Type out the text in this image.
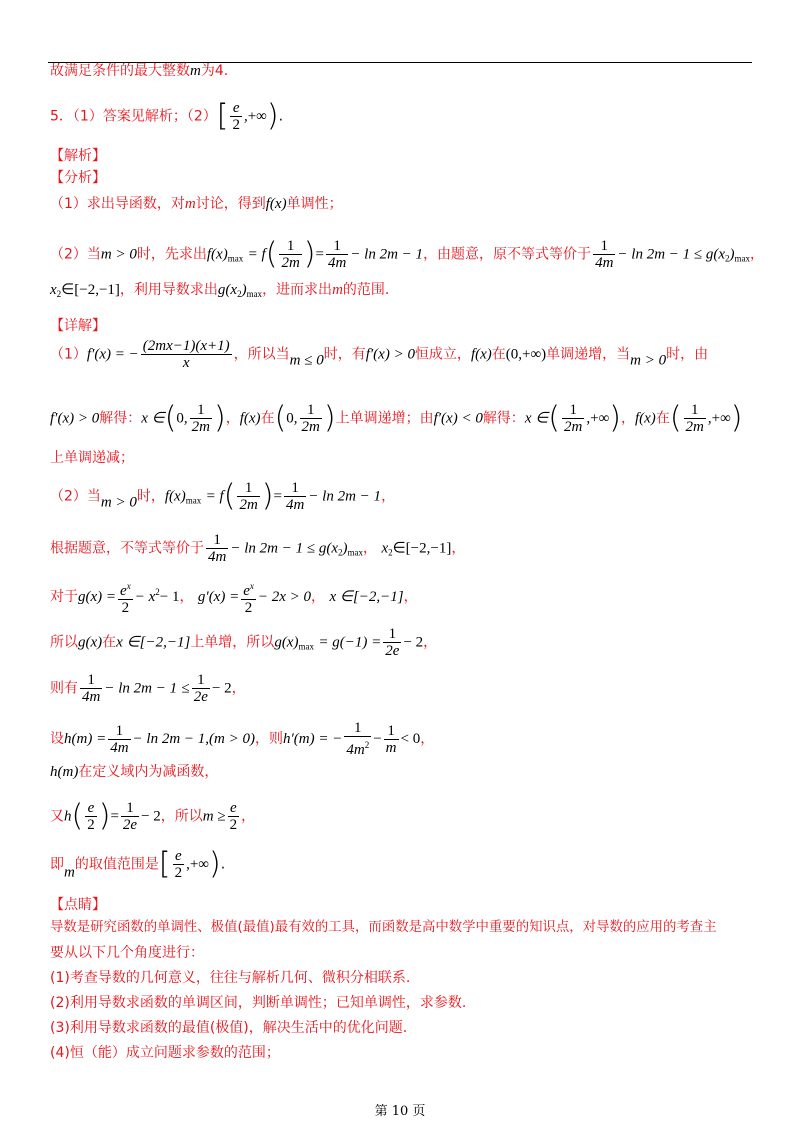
故满足条件的最大整数m为4.
5．（1）答案见解析；$(2)[ \frac{e}{2}$ ,+∞).
【解析】
【分析】
（1）求出导函数，对m讨论，得到f(x)单调性；
（2）当m > 0时，先求出$f(x)_{max} = f( \frac{1}{2m}$ )= $\frac{1}{4m} - \ln 2m - 1$，由题意，原不等式等价于 $\frac{1}{4m} - \ln 2m - 1 \le g(x_2)_{max}$，
$x_2\in[-2,-1]$，利用导数求出$g(x_2)_{max}$，进而求出m的范围.
【详解】
（1）f′(x) = − $\frac{(2mx-1)(x+1)}{x}$ ，所以当m ≤ 0时，有f′(x) > 0恒成立，f(x)在(0,+∞)单调递增，当m > 0时，由
f′(x) > 0解得：x ∈(0, $\frac{1}{2m}$ )，f(x)在(0, $\frac{1}{2m}$ )上单调递增；由f′(x) < 0解得：x ∈( $\frac{1}{2m}$ ,+∞)，f(x)在( $\frac{1}{2m}$ ,+∞)
上单调递减；
（2）当m > 0时，$f(x)_{max} = f( \frac{1}{2m}$ )= $\frac{1}{4m} - \ln 2m - 1$，
根据题意，不等式等价于 $\frac{1}{4m} - \ln 2m - 1 \le g(x_2)_{max}$， $x_2\in[-2,-1]$，
对于$g(x) = \frac{e^x}{2} - x^2- 1$， $g'(x) = \frac{e^x}{2} - 2x > 0$， x ∈[−2,−1]，
所以g(x)在x ∈[−2,−1]上单增，所以$g(x)_{max} = g(-1) = \frac{1}{2e} - 2$，
则有 $\frac{1}{4m} - \ln 2m - 1 \le \frac{1}{2e} - 2$，
设$h(m) = \frac{1}{4m} - \ln 2m - 1,(m > 0)$，则h′(m) = − $\frac{1}{4m^2} - \frac{1}{m} < 0$，
h(m)在定义域内为减函数，
又$h( \frac{e}{2}$ )= $\frac{1}{2e} - 2$，所以$m \ge \frac{e}{2}$ ，
即m的取值范围是[ $\frac{e}{2}$ ,+∞).
【点睛】
导数是研究函数的单调性、极值(最值)最有效的工具，而函数是高中数学中重要的知识点，对导数的应用的考查主
要从以下几个角度进行：
(1)考查导数的几何意义，往往与解析几何、微积分相联系.
(2)利用导数求函数的单调区间，判断单调性；已知单调性，求参数.
(3)利用导数求函数的最值(极值)，解决生活中的优化问题.
(4)恒（能）成立问题求参数的范围；
第 10 页
